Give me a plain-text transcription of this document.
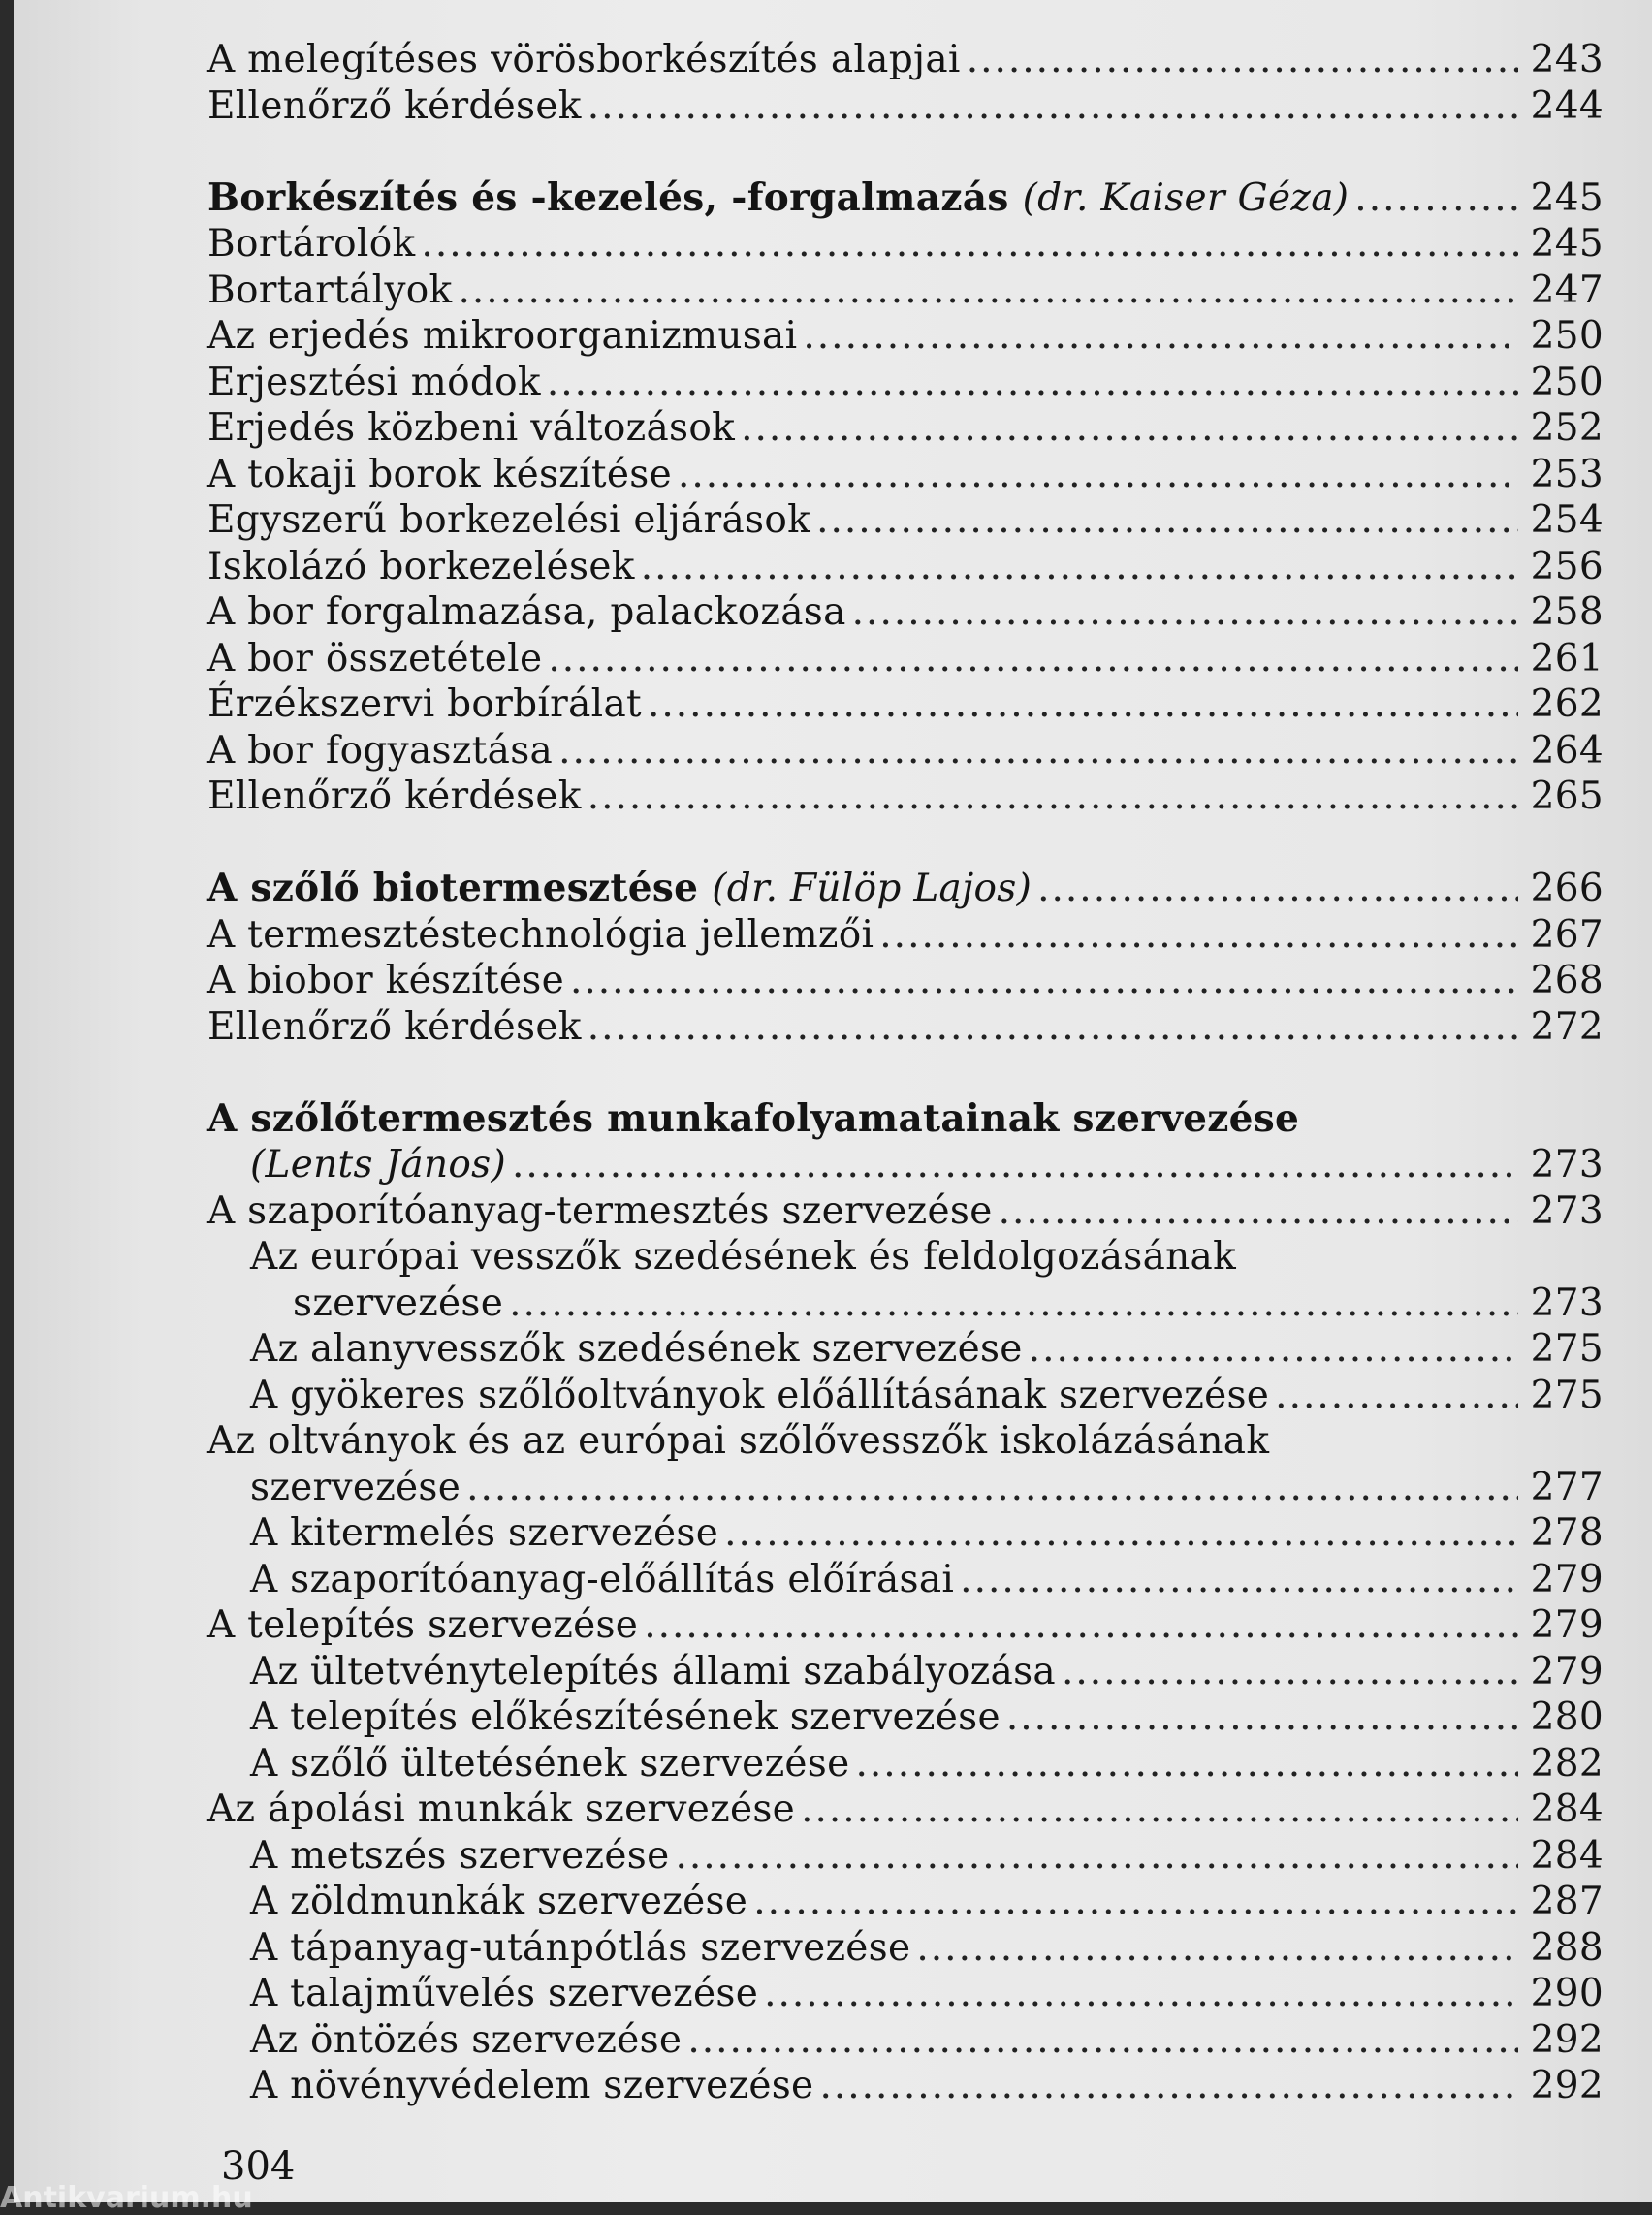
A melegítéses vörösborkészítés alapjai .....	243
Ellenőrző kérdések .....	244
Borkészítés és -kezelés, -forgalmazás (dr. Kaiser Géza) .....	245
Bortárolók .....	245
Bortartályok .....	247
Az erjedés mikroorganizmusai .....	250
Erjesztési módok .....	250
Erjedés közbeni változások .....	252
A tokaji borok készítése .....	253
Egyszerű borkezelési eljárások .....	254
Iskolázó borkezelések .....	256
A bor forgalmazása, palackozása .....	258
A bor összetétele .....	261
Érzékszervi borbírálat .....	262
A bor fogyasztása .....	264
Ellenőrző kérdések .....	265
A szőlő biotermesztése (dr. Fülöp Lajos) .....	266
A termesztéstechnológia jellemzői .....	267
A biobor készítése .....	268
Ellenőrző kérdések .....	272
A szőlőtermesztés munkafolyamatainak szervezése
(Lents János) .....	273
A szaporítóanyag-termesztés szervezése .....	273
Az európai vesszők szedésének és feldolgozásának
szervezése .....	273
Az alanyvesszők szedésének szervezése .....	275
A gyökeres szőlőoltványok előállításának szervezése .....	275
Az oltványok és az európai szőlővesszők iskolázásának
szervezése .....	277
A kitermelés szervezése .....	278
A szaporítóanyag-előállítás előírásai .....	279
A telepítés szervezése .....	279
Az ültetvénytelepítés állami szabályozása .....	279
A telepítés előkészítésének szervezése .....	280
A szőlő ültetésének szervezése .....	282
Az ápolási munkák szervezése .....	284
A metszés szervezése .....	284
A zöldmunkák szervezése .....	287
A tápanyag-utánpótlás szervezése .....	288
A talajművelés szervezése .....	290
Az öntözés szervezése .....	292
A növényvédelem szervezése .....	292
304
Antikvarium.hu
